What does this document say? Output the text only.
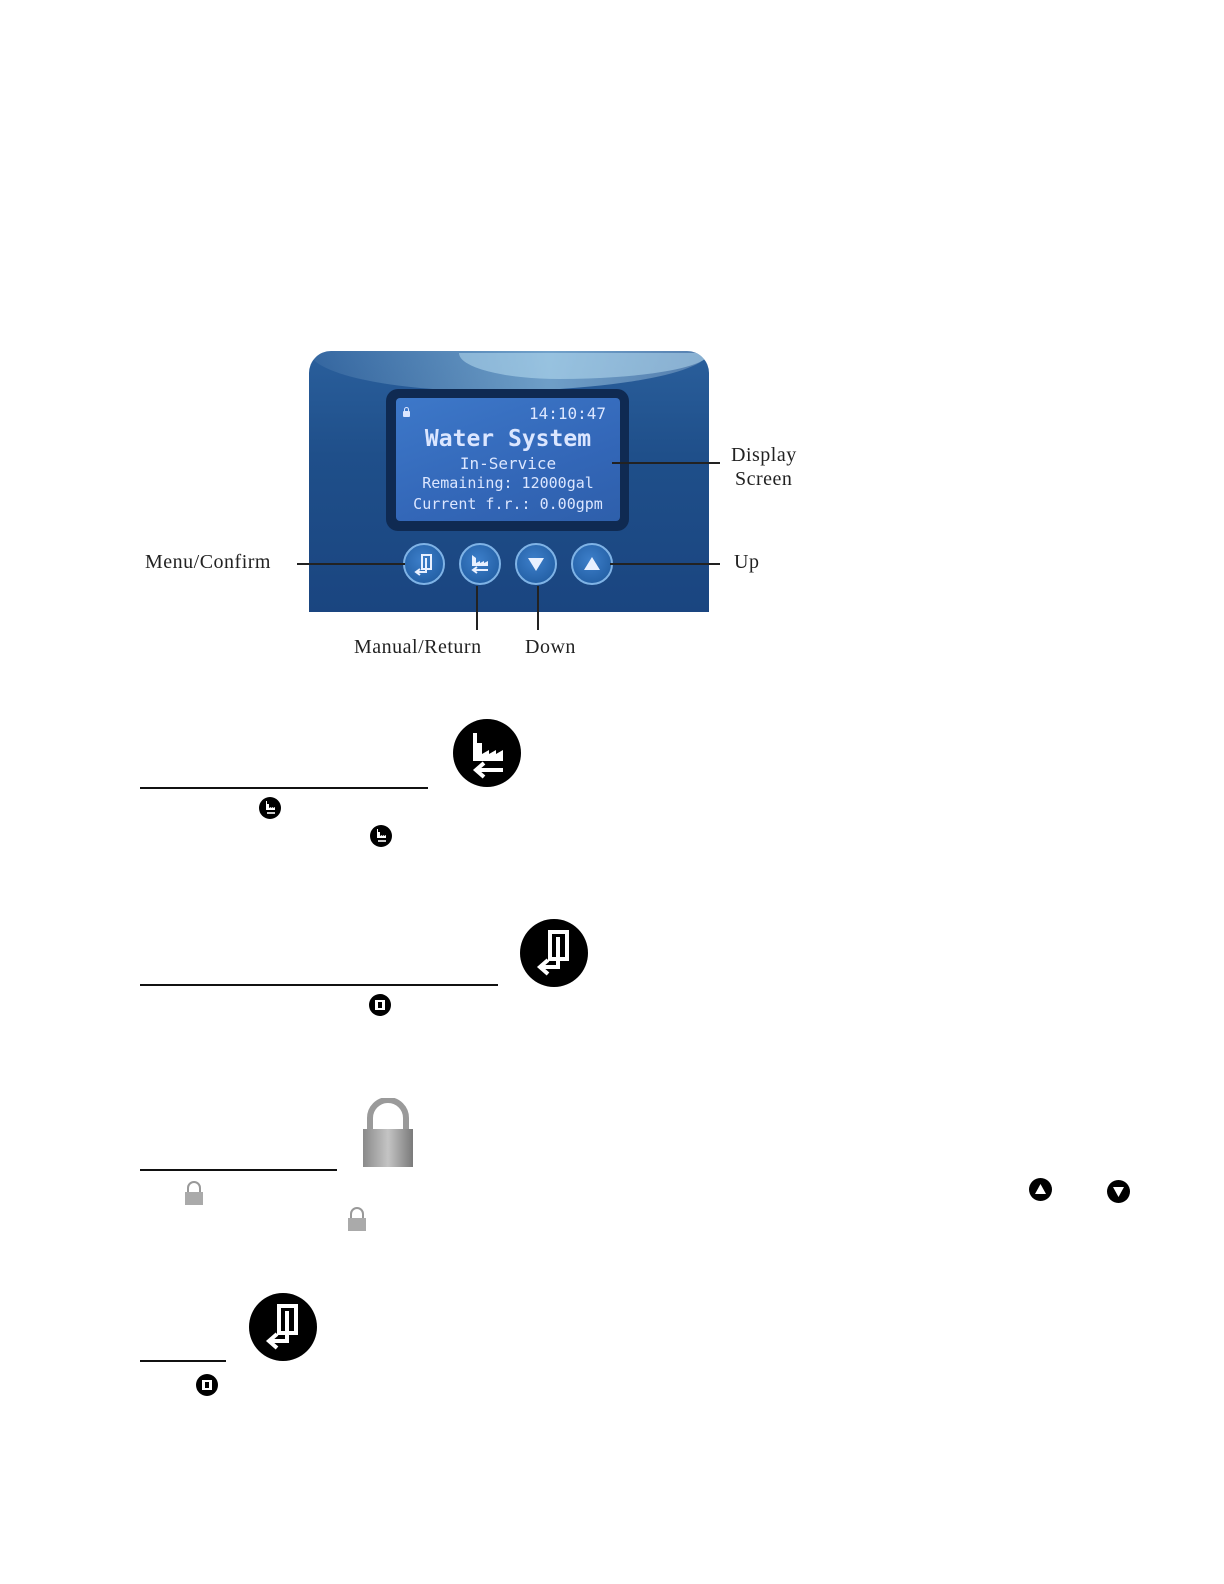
14:10:47
Water System
In-Service
Remaining: 12000gal
Current f.r.: 0.00gpm
Display
Screen
Menu/Confirm	Up
Manual/Return Down
